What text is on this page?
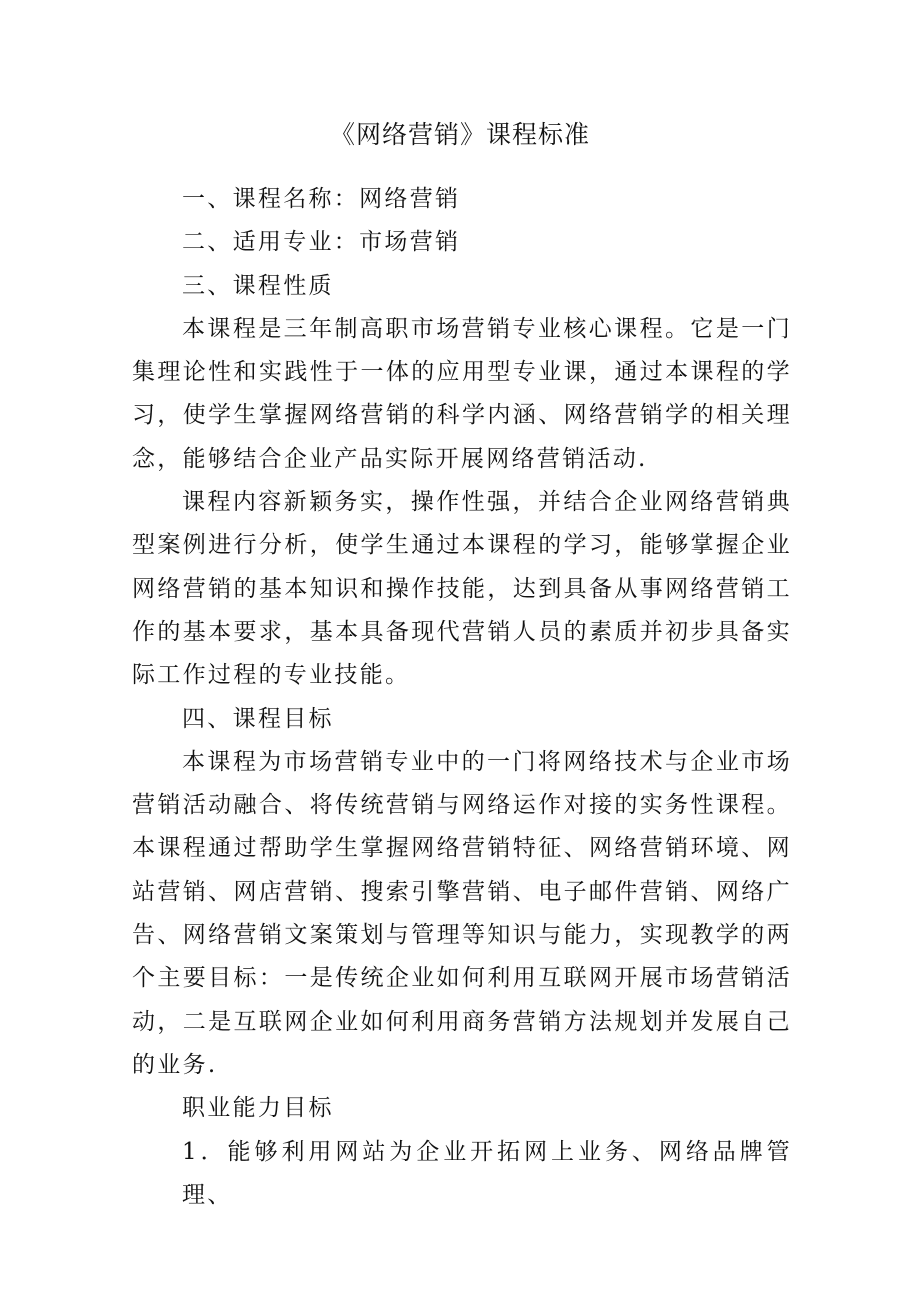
《网络营销》课程标准

一、课程名称：网络营销

二、适用专业：市场营销

三、课程性质

本课程是三年制高职市场营销专业核心课程。它是一门集理论性和实践性于一体的应用型专业课，通过本课程的学习，使学生掌握网络营销的科学内涵、网络营销学的相关理念，能够结合企业产品实际开展网络营销活动.

课程内容新颖务实，操作性强，并结合企业网络营销典型案例进行分析，使学生通过本课程的学习，能够掌握企业网络营销的基本知识和操作技能，达到具备从事网络营销工作的基本要求，基本具备现代营销人员的素质并初步具备实际工作过程的专业技能。

四、课程目标

本课程为市场营销专业中的一门将网络技术与企业市场营销活动融合、将传统营销与网络运作对接的实务性课程。本课程通过帮助学生掌握网络营销特征、网络营销环境、网站营销、网店营销、搜索引擎营销、电子邮件营销、网络广告、网络营销文案策划与管理等知识与能力，实现教学的两个主要目标：一是传统企业如何利用互联网开展市场营销活动，二是互联网企业如何利用商务营销方法规划并发展自己的业务.

职业能力目标

1．能够利用网站为企业开拓网上业务、网络品牌管理、
